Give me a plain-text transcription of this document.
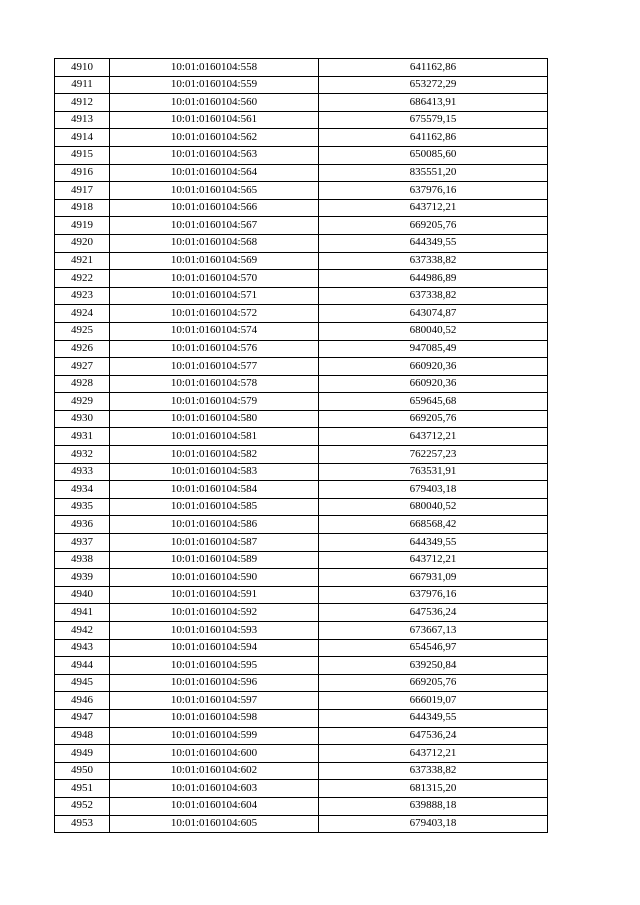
4910	10:01:0160104:558	641162,86
4911	10:01:0160104:559	653272,29
4912	10:01:0160104:560	686413,91
4913	10:01:0160104:561	675579,15
4914	10:01:0160104:562	641162,86
4915	10:01:0160104:563	650085,60
4916	10:01:0160104:564	835551,20
4917	10:01:0160104:565	637976,16
4918	10:01:0160104:566	643712,21
4919	10:01:0160104:567	669205,76
4920	10:01:0160104:568	644349,55
4921	10:01:0160104:569	637338,82
4922	10:01:0160104:570	644986,89
4923	10:01:0160104:571	637338,82
4924	10:01:0160104:572	643074,87
4925	10:01:0160104:574	680040,52
4926	10:01:0160104:576	947085,49
4927	10:01:0160104:577	660920,36
4928	10:01:0160104:578	660920,36
4929	10:01:0160104:579	659645,68
4930	10:01:0160104:580	669205,76
4931	10:01:0160104:581	643712,21
4932	10:01:0160104:582	762257,23
4933	10:01:0160104:583	763531,91
4934	10:01:0160104:584	679403,18
4935	10:01:0160104:585	680040,52
4936	10:01:0160104:586	668568,42
4937	10:01:0160104:587	644349,55
4938	10:01:0160104:589	643712,21
4939	10:01:0160104:590	667931,09
4940	10:01:0160104:591	637976,16
4941	10:01:0160104:592	647536,24
4942	10:01:0160104:593	673667,13
4943	10:01:0160104:594	654546,97
4944	10:01:0160104:595	639250,84
4945	10:01:0160104:596	669205,76
4946	10:01:0160104:597	666019,07
4947	10:01:0160104:598	644349,55
4948	10:01:0160104:599	647536,24
4949	10:01:0160104:600	643712,21
4950	10:01:0160104:602	637338,82
4951	10:01:0160104:603	681315,20
4952	10:01:0160104:604	639888,18
4953	10:01:0160104:605	679403,18
